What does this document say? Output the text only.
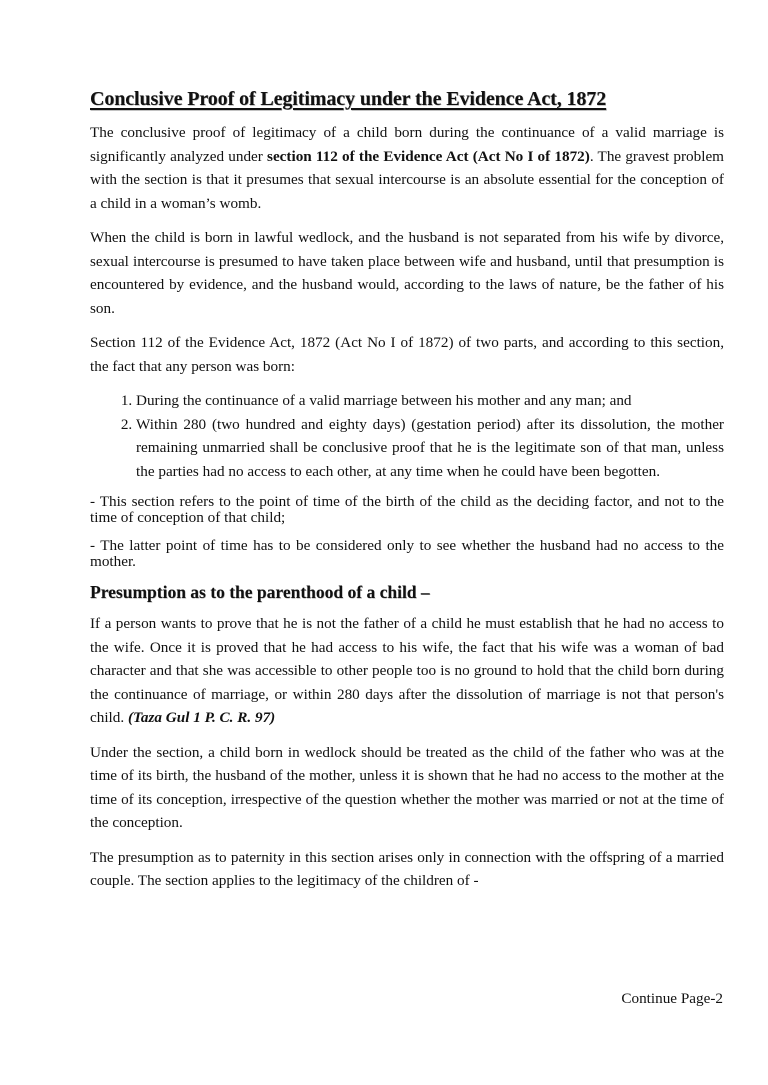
Conclusive Proof of Legitimacy under the Evidence Act, 1872

The conclusive proof of legitimacy of a child born during the continuance of a valid marriage is significantly analyzed under section 112 of the Evidence Act (Act No I of 1872). The gravest problem with the section is that it presumes that sexual intercourse is an absolute essential for the conception of a child in a woman’s womb.

When the child is born in lawful wedlock, and the husband is not separated from his wife by divorce, sexual intercourse is presumed to have taken place between wife and husband, until that presumption is encountered by evidence, and the husband would, according to the laws of nature, be the father of his son.

Section 112 of the Evidence Act, 1872 (Act No I of 1872) of two parts, and according to this section, the fact that any person was born:

1. During the continuance of a valid marriage between his mother and any man; and
2. Within 280 (two hundred and eighty days) (gestation period) after its dissolution, the mother remaining unmarried shall be conclusive proof that he is the legitimate son of that man, unless the parties had no access to each other, at any time when he could have been begotten.

- This section refers to the point of time of the birth of the child as the deciding factor, and not to the time of conception of that child;

- The latter point of time has to be considered only to see whether the husband had no access to the mother.

Presumption as to the parenthood of a child –

If a person wants to prove that he is not the father of a child he must establish that he had no access to the wife. Once it is proved that he had access to his wife, the fact that his wife was a woman of bad character and that she was accessible to other people too is no ground to hold that the child born during the continuance of marriage, or within 280 days after the dissolution of marriage is not that person's child. (Taza Gul 1 P. C. R. 97)

Under the section, a child born in wedlock should be treated as the child of the father who was at the time of its birth, the husband of the mother, unless it is shown that he had no access to the mother at the time of its conception, irrespective of the question whether the mother was married or not at the time of the conception.

The presumption as to paternity in this section arises only in connection with the offspring of a married couple. The section applies to the legitimacy of the children of -

Continue Page-2
